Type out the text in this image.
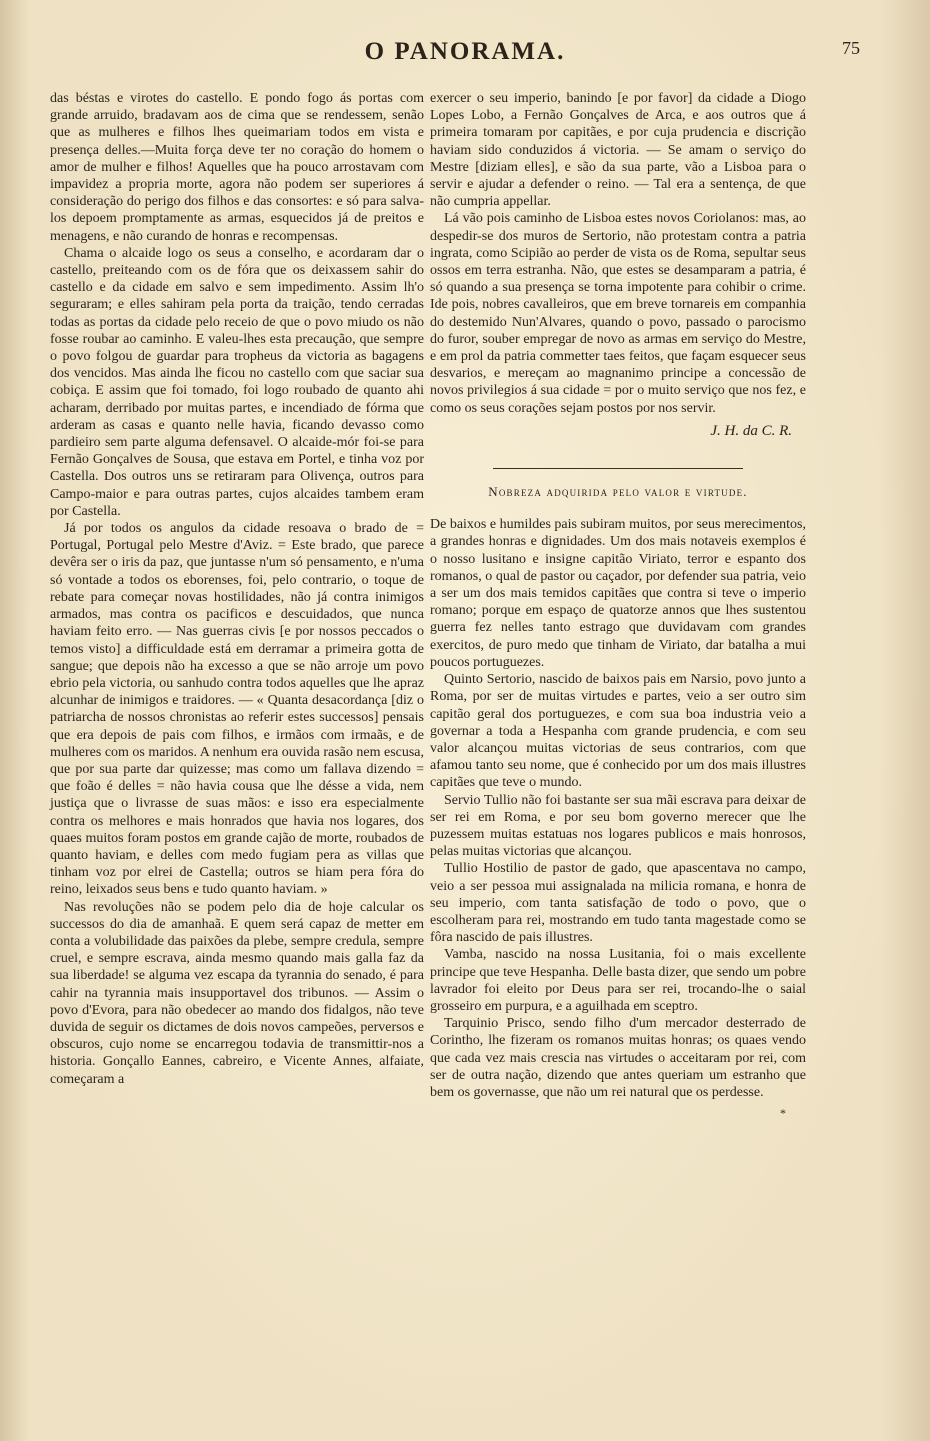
O PANORAMA.	75

das béstas e virotes do castello. E pondo fogo ás portas com grande arruido, bradavam aos de cima que se rendessem, senão que as mulheres e filhos lhes queimariam todos em vista e presença delles.—Muita força deve ter no coração do homem o amor de mulher e filhos! Aquelles que ha pouco arrostavam com impavidez a propria morte, agora não podem ser superiores á consideração do perigo dos filhos e das consortes: e só para salva-los depoem promptamente as armas, esquecidos já de preitos e menagens, e não curando de honras e recompensas.

Chama o alcaide logo os seus a conselho, e acordaram dar o castello, preiteando com os de fóra que os deixassem sahir do castello e da cidade em salvo e sem impedimento. Assim lh'o seguraram; e elles sahiram pela porta da traição, tendo cerradas todas as portas da cidade pelo receio de que o povo miudo os não fosse roubar ao caminho. E valeu-lhes esta precaução, que sempre o povo folgou de guardar para tropheus da victoria as bagagens dos vencidos. Mas ainda lhe ficou no castello com que saciar sua cobiça. E assim que foi tomado, foi logo roubado de quanto ahi acharam, derribado por muitas partes, e incendiado de fórma que arderam as casas e quanto nelle havia, ficando devasso como pardieiro sem parte alguma defensavel. O alcaide-mór foi-se para Fernão Gonçalves de Sousa, que estava em Portel, e tinha voz por Castella. Dos outros uns se retiraram para Olivença, outros para Campo-maior e para outras partes, cujos alcaides tambem eram por Castella.

Já por todos os angulos da cidade resoava o brado de = Portugal, Portugal pelo Mestre d'Aviz. = Este brado, que parece devêra ser o iris da paz, que juntasse n'um só pensamento, e n'uma só vontade a todos os eborenses, foi, pelo contrario, o toque de rebate para começar novas hostilidades, não já contra inimigos armados, mas contra os pacificos e descuidados, que nunca haviam feito erro. — Nas guerras civis [e por nossos peccados o temos visto] a difficuldade está em derramar a primeira gotta de sangue; que depois não ha excesso a que se não arroje um povo ebrio pela victoria, ou sanhudo contra todos aquelles que lhe apraz alcunhar de inimigos e traidores. — « Quanta desacordança [diz o patriarcha de nossos chronistas ao referir estes successos] pensais que era depois de pais com filhos, e irmãos com irmaãs, e de mulheres com os maridos. A nenhum era ouvida rasão nem escusa, que por sua parte dar quizesse; mas como um fallava dizendo = que foão é delles = não havia cousa que lhe désse a vida, nem justiça que o livrasse de suas mãos: e isso era especialmente contra os melhores e mais honrados que havia nos logares, dos quaes muitos foram postos em grande cajão de morte, roubados de quanto haviam, e delles com medo fugiam pera as villas que tinham voz por elrei de Castella; outros se hiam pera fóra do reino, leixados seus bens e tudo quanto haviam. »

Nas revoluções não se podem pelo dia de hoje calcular os successos do dia de amanhaã. E quem será capaz de metter em conta a volubilidade das paixões da plebe, sempre credula, sempre cruel, e sempre escrava, ainda mesmo quando mais galla faz da sua liberdade! se alguma vez escapa da tyrannia do senado, é para cahir na tyrannia mais insupportavel dos tribunos. — Assim o povo d'Evora, para não obedecer ao mando dos fidalgos, não teve duvida de seguir os dictames de dois novos campeões, perversos e obscuros, cujo nome se encarregou todavia de transmittir-nos a historia. Gonçallo Eannes, cabreiro, e Vicente Annes, alfaiate, começaram a

exercer o seu imperio, banindo [e por favor] da cidade a Diogo Lopes Lobo, a Fernão Gonçalves de Arca, e aos outros que á primeira tomaram por capitães, e por cuja prudencia e discrição haviam sido conduzidos á victoria. — Se amam o serviço do Mestre [diziam elles], e são da sua parte, vão a Lisboa para o servir e ajudar a defender o reino. — Tal era a sentença, de que não cumpria appellar.

Lá vão pois caminho de Lisboa estes novos Coriolanos: mas, ao despedir-se dos muros de Sertorio, não protestam contra a patria ingrata, como Scipião ao perder de vista os de Roma, sepultar seus ossos em terra estranha. Não, que estes se desamparam a patria, é só quando a sua presença se torna impotente para cohibir o crime. Ide pois, nobres cavalleiros, que em breve tornareis em companhia do destemido Nun'Alvares, quando o povo, passado o parocismo do furor, souber empregar de novo as armas em serviço do Mestre, e em prol da patria commetter taes feitos, que façam esquecer seus desvarios, e mereçam ao magnanimo principe a concessão de novos privilegios á sua cidade = por o muito serviço que nos fez, e como os seus corações sejam postos por nos servir.

J. H. da C. R.
Nobreza adquirida pelo valor e virtude.

De baixos e humildes pais subiram muitos, por seus merecimentos, a grandes honras e dignidades. Um dos mais notaveis exemplos é o nosso lusitano e insigne capitão Viriato, terror e espanto dos romanos, o qual de pastor ou caçador, por defender sua patria, veio a ser um dos mais temidos capitães que contra si teve o imperio romano; porque em espaço de quatorze annos que lhes sustentou guerra fez nelles tanto estrago que duvidavam com grandes exercitos, de puro medo que tinham de Viriato, dar batalha a mui poucos portuguezes.

Quinto Sertorio, nascido de baixos pais em Narsio, povo junto a Roma, por ser de muitas virtudes e partes, veio a ser outro sim capitão geral dos portuguezes, e com sua boa industria veio a governar a toda a Hespanha com grande prudencia, e com seu valor alcançou muitas victorias de seus contrarios, com que afamou tanto seu nome, que é conhecido por um dos mais illustres capitães que teve o mundo.

Servio Tullio não foi bastante ser sua mãi escrava para deixar de ser rei em Roma, e por seu bom governo merecer que lhe puzessem muitas estatuas nos logares publicos e mais honrosos, pelas muitas victorias que alcançou.

Tullio Hostilio de pastor de gado, que apascentava no campo, veio a ser pessoa mui assignalada na milicia romana, e honra de seu imperio, com tanta satisfação de todo o povo, que o escolheram para rei, mostrando em tudo tanta magestade como se fôra nascido de pais illustres.

Vamba, nascido na nossa Lusitania, foi o mais excellente principe que teve Hespanha. Delle basta dizer, que sendo um pobre lavrador foi eleito por Deus para ser rei, trocando-lhe o saial grosseiro em purpura, e a aguilhada em sceptro.

Tarquinio Prisco, sendo filho d'um mercador desterrado de Corintho, lhe fizeram os romanos muitas honras; os quaes vendo que cada vez mais crescia nas virtudes o acceitaram por rei, com ser de outra nação, dizendo que antes queriam um estranho que bem os governasse, que não um rei natural que os perdesse.

*
